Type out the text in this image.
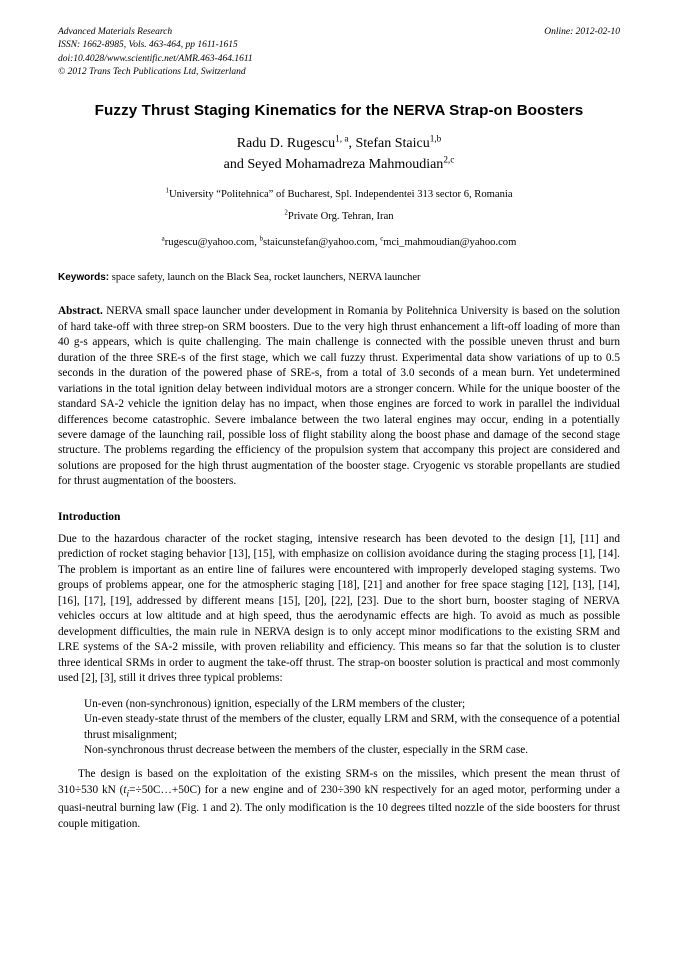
Advanced Materials Research
ISSN: 1662-8985, Vols. 463-464, pp 1611-1615
doi:10.4028/www.scientific.net/AMR.463-464.1611
© 2012 Trans Tech Publications Ltd, Switzerland
Online: 2012-02-10
Fuzzy Thrust Staging Kinematics for the NERVA Strap-on Boosters
Radu D. Rugescu$^{1, a}$, Stefan Staicu$^{1,b}$
and Seyed Mohamadreza Mahmoudian$^{2,c}$
$^1$University “Politehnica” of Bucharest, Spl. Independentei 313 sector 6, Romania
$^2$Private Org. Tehran, Iran
$^a$rugescu@yahoo.com, $^b$staicunstefan@yahoo.com, $^c$mci_mahmoudian@yahoo.com
Keywords: space safety, launch on the Black Sea, rocket launchers, NERVA launcher
Abstract. NERVA small space launcher under development in Romania by Politehnica University is based on the solution of hard take-off with three strep-on SRM boosters. Due to the very high thrust enhancement a lift-off loading of more than 40 g-s appears, which is quite challenging. The main challenge is connected with the possible uneven thrust and burn duration of the three SRE-s of the first stage, which we call fuzzy thrust. Experimental data show variations of up to 0.5 seconds in the duration of the powered phase of SRE-s, from a total of 3.0 seconds of a mean burn. Yet undetermined variations in the total ignition delay between individual motors are a stronger concern. While for the unique booster of the standard SA-2 vehicle the ignition delay has no impact, when those engines are forced to work in parallel the individual differences become catastrophic. Severe imbalance between the two lateral engines may occur, ending in a potentially severe damage of the launching rail, possible loss of flight stability along the boost phase and damage of the second stage structure. The problems regarding the efficiency of the propulsion system that accompany this project are considered and solutions are proposed for the high thrust augmentation of the booster stage. Cryogenic vs storable propellants are studied for thrust augmentation of the boosters.
Introduction
Due to the hazardous character of the rocket staging, intensive research has been devoted to the design [1], [11] and prediction of rocket staging behavior [13], [15], with emphasize on collision avoidance during the staging process [1], [14]. The problem is important as an entire line of failures were encountered with improperly developed staging systems. Two groups of problems appear, one for the atmospheric staging [18], [21] and another for free space staging [12], [13], [14], [16], [17], [19], addressed by different means [15], [20], [22], [23]. Due to the short burn, booster staging of NERVA vehicles occurs at low altitude and at high speed, thus the aerodynamic effects are high. To avoid as much as possible development difficulties, the main rule in NERVA design is to only accept minor modifications to the existing SRM and LRE systems of the SA-2 missile, with proven reliability and efficiency. This means so far that the solution is to cluster three identical SRMs in order to augment the take-off thrust. The strap-on booster solution is practical and most commonly used [2], [3], still it drives three typical problems:
Un-even (non-synchronous) ignition, especially of the LRM members of the cluster;
Un-even steady-state thrust of the members of the cluster, equally LRM and SRM, with the consequence of a potential thrust misalignment;
Non-synchronous thrust decrease between the members of the cluster, especially in the SRM case.
The design is based on the exploitation of the existing SRM-s on the missiles, which present the mean thrust of 310÷530 kN $(t_i=\div 50C\dots+50C)$ for a new engine and of 230÷390 kN respectively for an aged motor, performing under a quasi-neutral burning law (Fig. 1 and 2). The only modification is the 10 degrees tilted nozzle of the side boosters for thrust couple mitigation.
